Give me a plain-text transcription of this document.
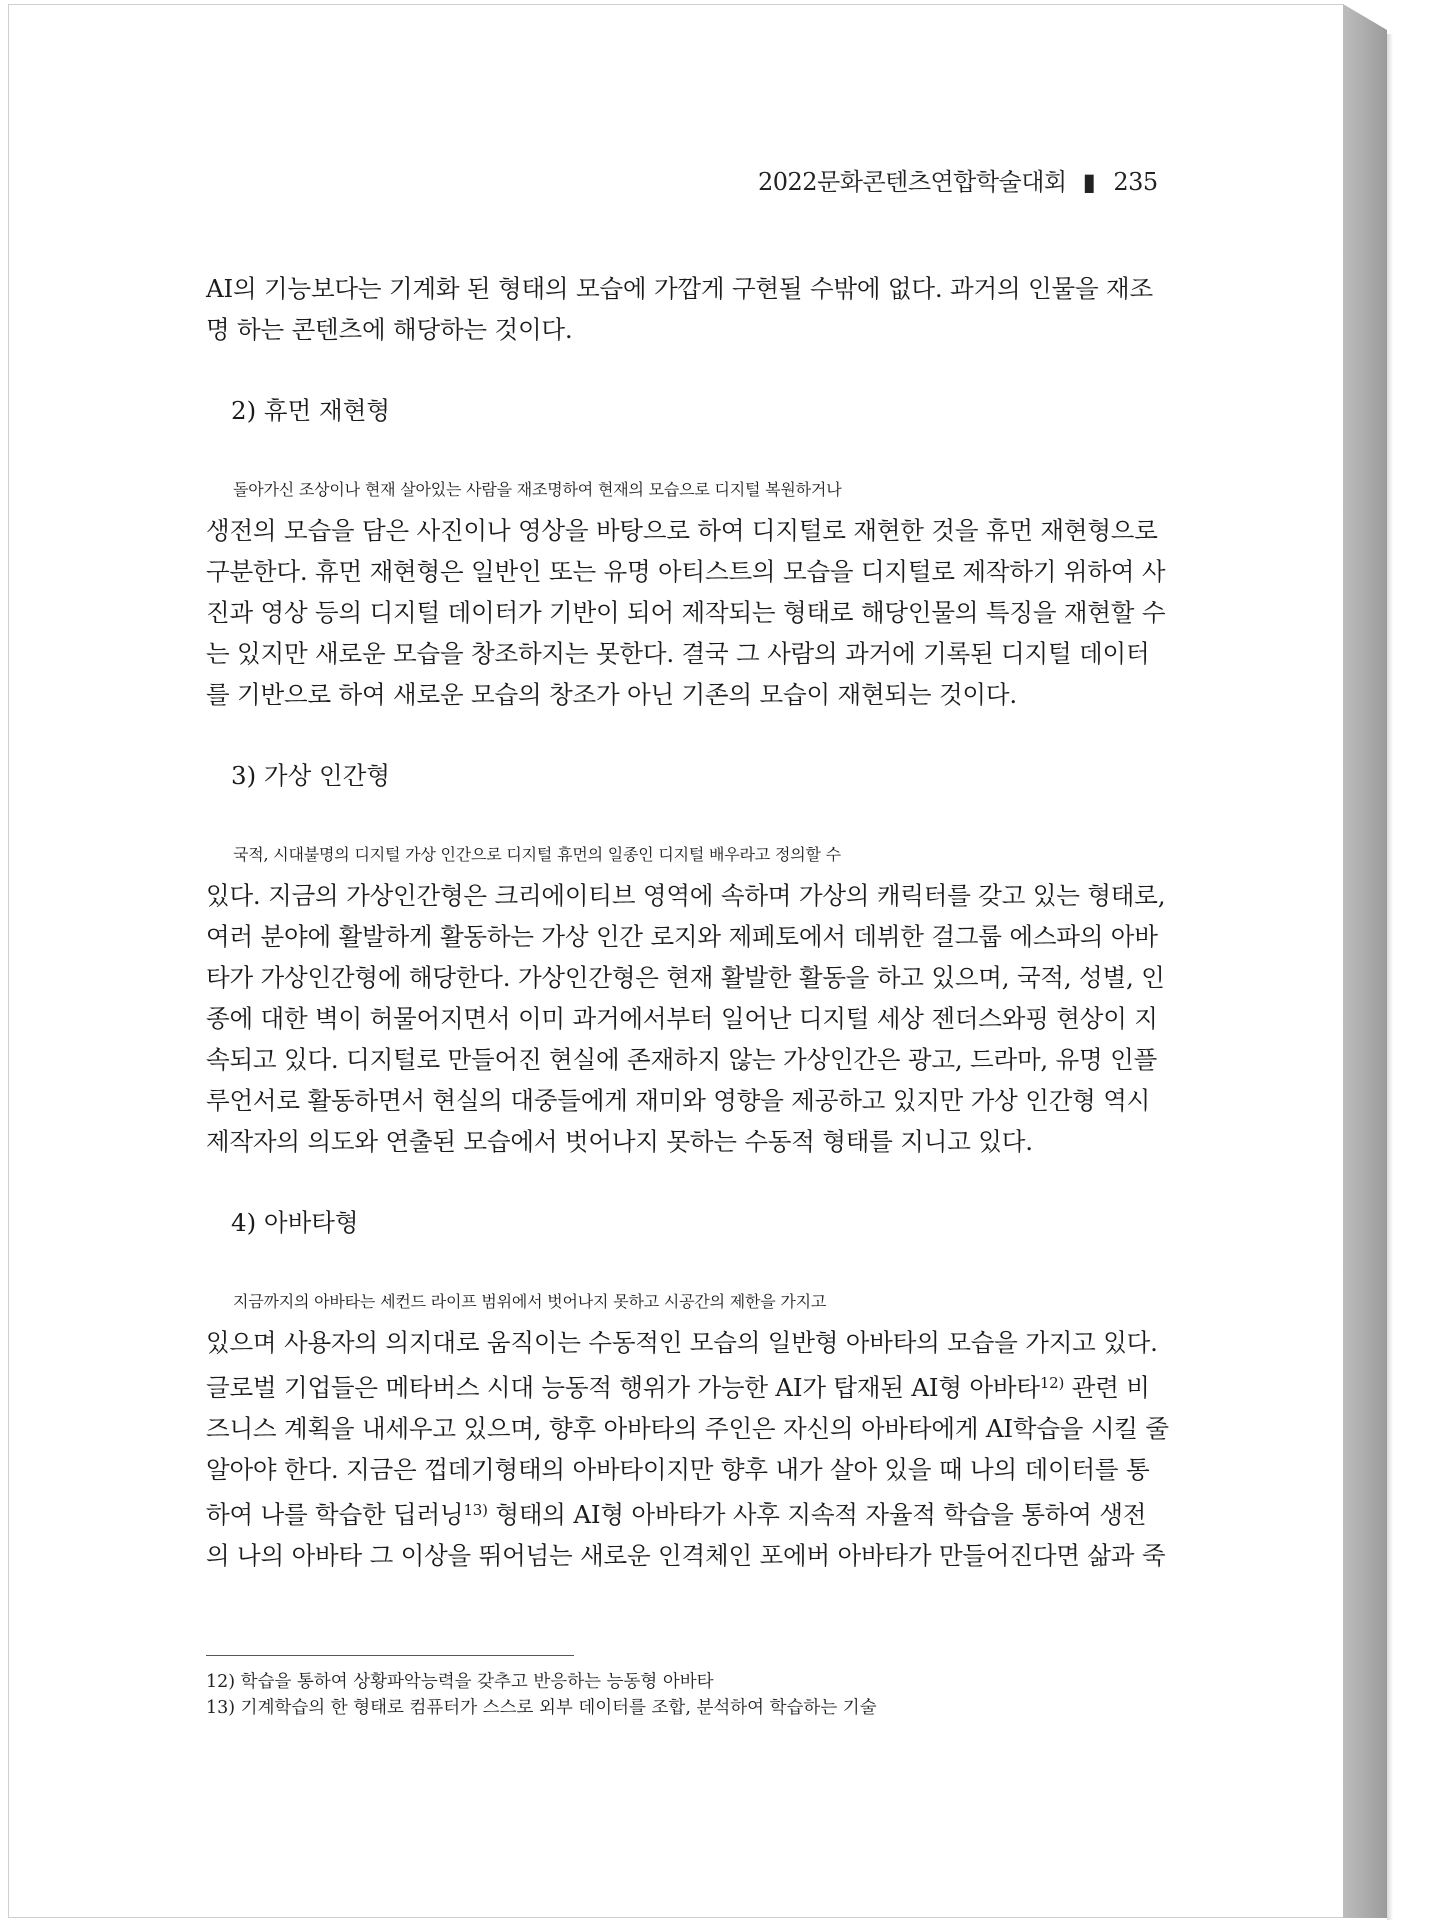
2022문화콘텐츠연합학술대회 ▮ 235

AI의 기능보다는 기계화 된 형태의 모습에 가깝게 구현될 수밖에 없다. 과거의 인물을 재조
명 하는 콘텐츠에 해당하는 것이다.

2) 휴먼 재현형

돌아가신 조상이나 현재 살아있는 사람을 재조명하여 현재의 모습으로 디지털 복원하거나
생전의 모습을 담은 사진이나 영상을 바탕으로 하여 디지털로 재현한 것을 휴먼 재현형으로
구분한다. 휴먼 재현형은 일반인 또는 유명 아티스트의 모습을 디지털로 제작하기 위하여 사
진과 영상 등의 디지털 데이터가 기반이 되어 제작되는 형태로 해당인물의 특징을 재현할 수
는 있지만 새로운 모습을 창조하지는 못한다. 결국 그 사람의 과거에 기록된 디지털 데이터
를 기반으로 하여 새로운 모습의 창조가 아닌 기존의 모습이 재현되는 것이다.

3) 가상 인간형

국적, 시대불명의 디지털 가상 인간으로 디지털 휴먼의 일종인 디지털 배우라고 정의할 수
있다. 지금의 가상인간형은 크리에이티브 영역에 속하며 가상의 캐릭터를 갖고 있는 형태로,
여러 분야에 활발하게 활동하는 가상 인간 로지와 제페토에서 데뷔한 걸그룹 에스파의 아바
타가 가상인간형에 해당한다. 가상인간형은 현재 활발한 활동을 하고 있으며, 국적, 성별, 인
종에 대한 벽이 허물어지면서 이미 과거에서부터 일어난 디지털 세상 젠더스와핑 현상이 지
속되고 있다. 디지털로 만들어진 현실에 존재하지 않는 가상인간은 광고, 드라마, 유명 인플
루언서로 활동하면서 현실의 대중들에게 재미와 영향을 제공하고 있지만 가상 인간형 역시
제작자의 의도와 연출된 모습에서 벗어나지 못하는 수동적 형태를 지니고 있다.

4) 아바타형

지금까지의 아바타는 세컨드 라이프 범위에서 벗어나지 못하고 시공간의 제한을 가지고
있으며 사용자의 의지대로 움직이는 수동적인 모습의 일반형 아바타의 모습을 가지고 있다.
글로벌 기업들은 메타버스 시대 능동적 행위가 가능한 AI가 탑재된 AI형 아바타$^{12)}$ 관련 비
즈니스 계획을 내세우고 있으며, 향후 아바타의 주인은 자신의 아바타에게 AI학습을 시킬 줄
알아야 한다. 지금은 껍데기형태의 아바타이지만 향후 내가 살아 있을 때 나의 데이터를 통
하여 나를 학습한 딥러닝$^{13)}$ 형태의 AI형 아바타가 사후 지속적 자율적 학습을 통하여 생전
의 나의 아바타 그 이상을 뛰어넘는 새로운 인격체인 포에버 아바타가 만들어진다면 삶과 죽

12) 학습을 통하여 상황파악능력을 갖추고 반응하는 능동형 아바타
13) 기계학습의 한 형태로 컴퓨터가 스스로 외부 데이터를 조합, 분석하여 학습하는 기술
